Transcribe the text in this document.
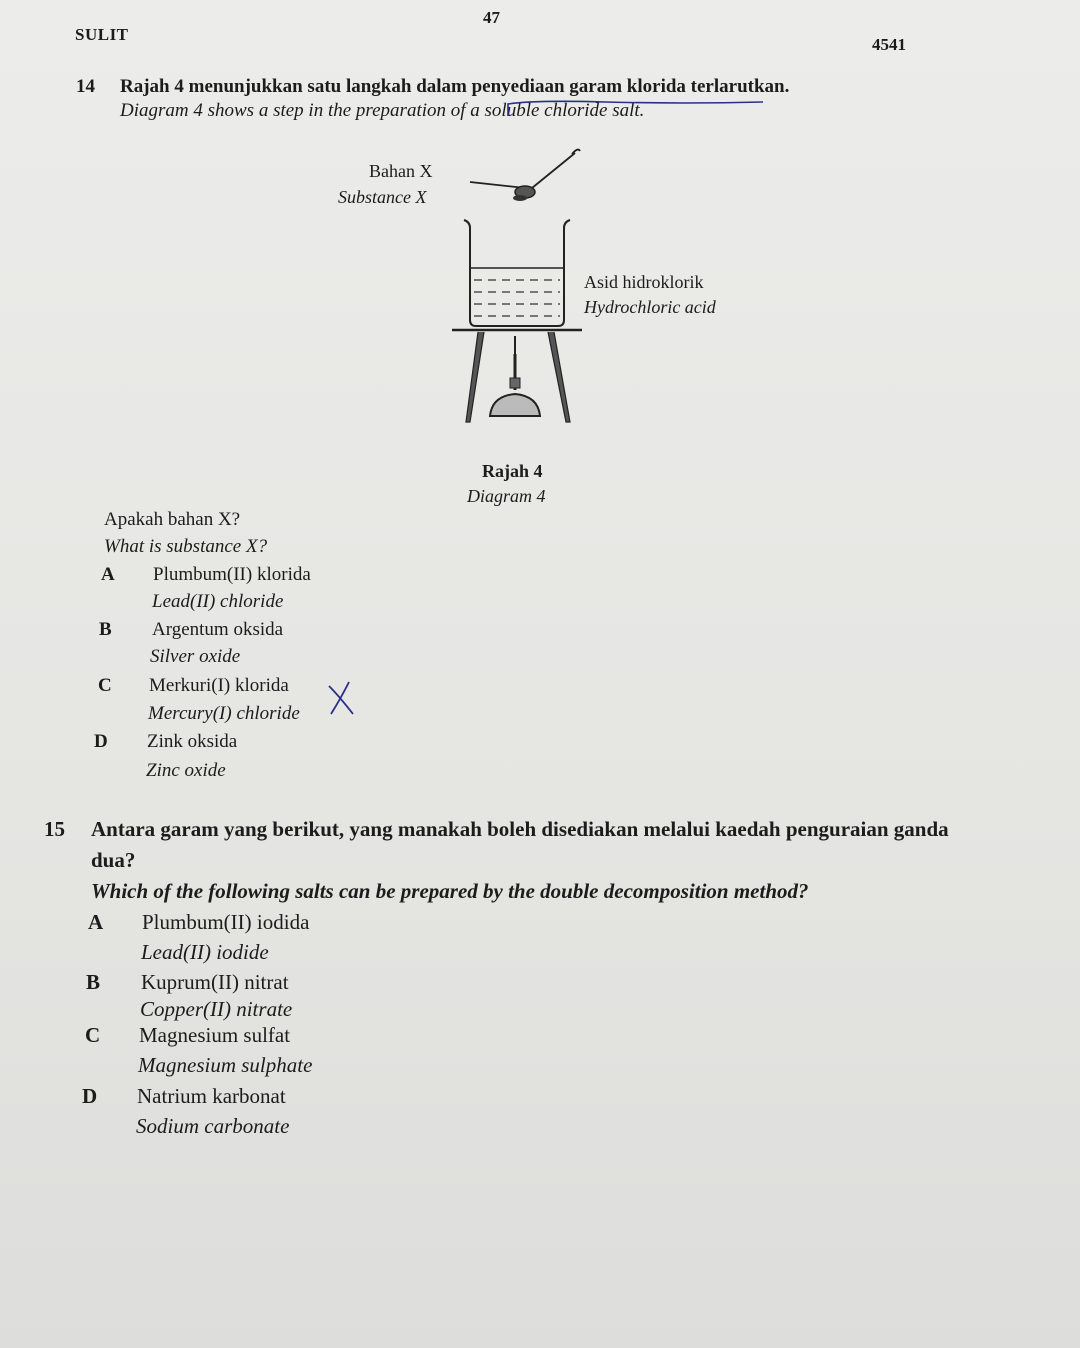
47
SULIT
4541
14 Rajah 4 menunjukkan satu langkah dalam penyediaan garam klorida terlarutkan.
Diagram 4 shows a step in the preparation of a soluble chloride salt.
Bahan X
Substance X
Asid hidroklorik
Hydrochloric acid
Rajah 4
Diagram 4
Apakah bahan X?
What is substance X?
A Plumbum(II) klorida
Lead(II) chloride
B Argentum oksida
Silver oxide
C Merkuri(I) klorida
Mercury(I) chloride
D Zink oksida
Zinc oxide
15 Antara garam yang berikut, yang manakah boleh disediakan melalui kaedah penguraian ganda
dua?
Which of the following salts can be prepared by the double decomposition method?
A Plumbum(II) iodida
Lead(II) iodide
B Kuprum(II) nitrat
Copper(II) nitrate
C Magnesium sulfat
Magnesium sulphate
D Natrium karbonat
Sodium carbonate
